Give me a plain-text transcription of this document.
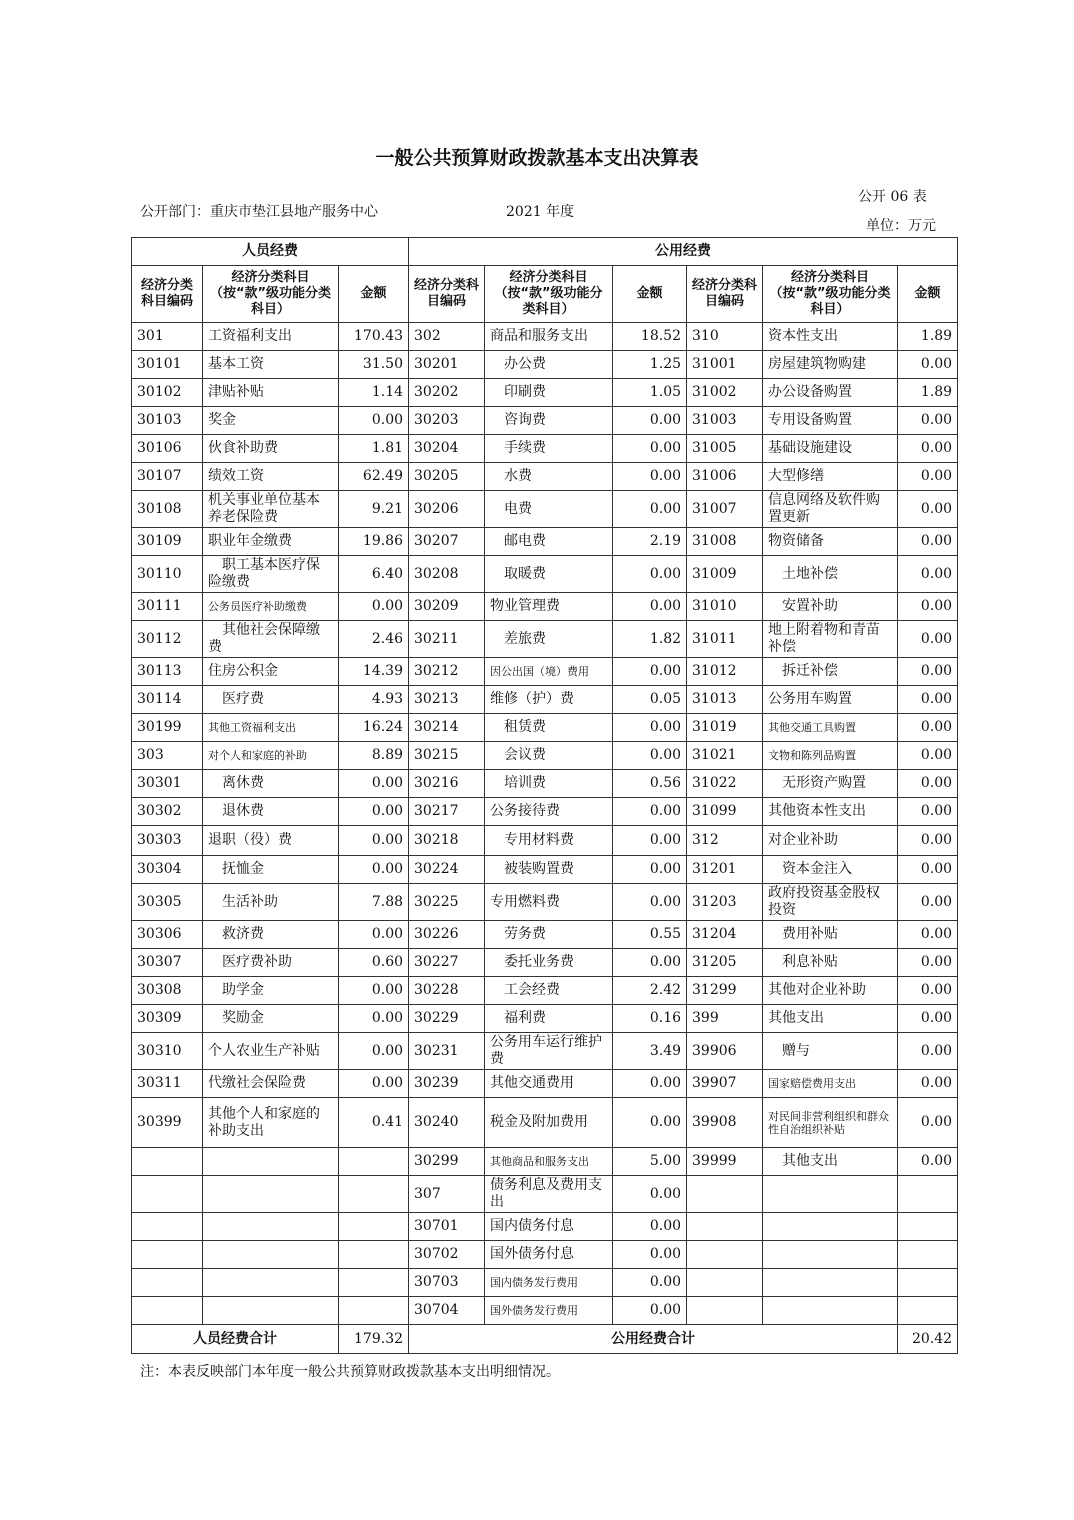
一般公共预算财政拨款基本支出决算表
公开 06 表
公开部门：重庆市垫江县地产服务中心	2021 年度
单位：万元
人员经费			公用经费					
经济分类科目编码	经济分类科目（按“款”级功能分类科目）	金额	经济分类科目编码	经济分类科目（按“款”级功能分类科目）	金额	经济分类科目编码	经济分类科目（按“款”级功能分类科目）	金额
301	工资福利支出	170.43	302	商品和服务支出	18.52	310	资本性支出	1.89
30101	基本工资	31.50	30201	　办公费	1.25	31001	房屋建筑物购建	0.00
30102	津贴补贴	1.14	30202	　印刷费	1.05	31002	办公设备购置	1.89
30103	奖金	0.00	30203	　咨询费	0.00	31003	专用设备购置	0.00
30106	伙食补助费	1.81	30204	　手续费	0.00	31005	基础设施建设	0.00
30107	绩效工资	62.49	30205	　水费	0.00	31006	大型修缮	0.00
30108	机关事业单位基本养老保险费	9.21	30206	　电费	0.00	31007	信息网络及软件购置更新	0.00
30109	职业年金缴费	19.86	30207	　邮电费	2.19	31008	物资储备	0.00
30110	　职工基本医疗保险缴费	6.40	30208	　取暖费	0.00	31009	　土地补偿	0.00
30111	公务员医疗补助缴费	0.00	30209	物业管理费	0.00	31010	　安置补助	0.00
30112	　其他社会保障缴费	2.46	30211	　差旅费	1.82	31011	地上附着物和青苗补偿	0.00
30113	住房公积金	14.39	30212	因公出国（境）费用	0.00	31012	　拆迁补偿	0.00
30114	　医疗费	4.93	30213	维修（护）费	0.05	31013	公务用车购置	0.00
30199	其他工资福利支出	16.24	30214	　租赁费	0.00	31019	其他交通工具购置	0.00
303	对个人和家庭的补助	8.89	30215	　会议费	0.00	31021	文物和陈列品购置	0.00
30301	　离休费	0.00	30216	　培训费	0.56	31022	　无形资产购置	0.00
30302	　退休费	0.00	30217	公务接待费	0.00	31099	其他资本性支出	0.00
30303	退职（役）费	0.00	30218	　专用材料费	0.00	312	对企业补助	0.00
30304	　抚恤金	0.00	30224	　被装购置费	0.00	31201	　资本金注入	0.00
30305	　生活补助	7.88	30225	专用燃料费	0.00	31203	政府投资基金股权投资	0.00
30306	　救济费	0.00	30226	　劳务费	0.55	31204	　费用补贴	0.00
30307	　医疗费补助	0.60	30227	　委托业务费	0.00	31205	　利息补贴	0.00
30308	　助学金	0.00	30228	　工会经费	2.42	31299	其他对企业补助	0.00
30309	　奖励金	0.00	30229	　福利费	0.16	399	其他支出	0.00
30310	个人农业生产补贴	0.00	30231	公务用车运行维护费	3.49	39906	　赠与	0.00
30311	代缴社会保险费	0.00	30239	其他交通费用	0.00	39907	国家赔偿费用支出	0.00
30399	其他个人和家庭的补助支出	0.41	30240	税金及附加费用	0.00	39908	对民间非营利组织和群众性自治组织补贴	0.00
			30299	其他商品和服务支出	5.00	39999	　其他支出	0.00
			307	债务利息及费用支出	0.00			
			30701	国内债务付息	0.00			
			30702	国外债务付息	0.00			
			30703	国内债务发行费用	0.00			
			30704	国外债务发行费用	0.00			
人员经费合计		179.32	公用经费合计					20.42
注：本表反映部门本年度一般公共预算财政拨款基本支出明细情况。
